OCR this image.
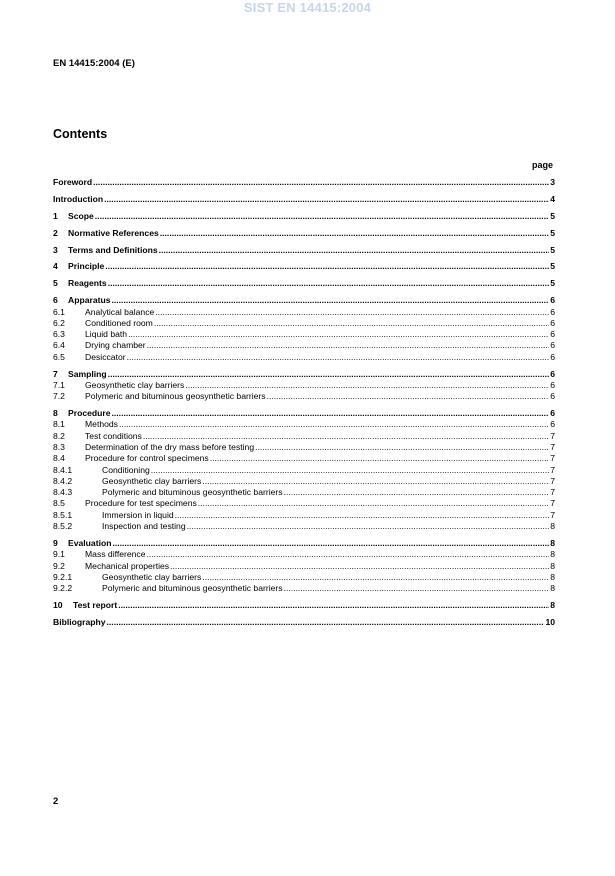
SIST EN 14415:2004
EN 14415:2004 (E)
Contents
page
Foreword .....	3
Introduction .....	4
1	Scope .....	5
2	Normative References .....	5
3	Terms and Definitions .....	5
4	Principle .....	5
5	Reagents .....	5
6	Apparatus .....	6
6.1	Analytical balance .....	6
6.2	Conditioned room .....	6
6.3	Liquid bath .....	6
6.4	Drying chamber .....	6
6.5	Desiccator .....	6
7	Sampling .....	6
7.1	Geosynthetic clay barriers .....	6
7.2	Polymeric and bituminous geosynthetic barriers .....	6
8	Procedure .....	6
8.1	Methods .....	6
8.2	Test conditions .....	7
8.3	Determination of the dry mass before testing .....	7
8.4	Procedure for control specimens .....	7
8.4.1	Conditioning .....	7
8.4.2	Geosynthetic clay barriers .....	7
8.4.3	Polymeric and bituminous geosynthetic barriers .....	7
8.5	Procedure for test specimens .....	7
8.5.1	Immersion in liquid .....	7
8.5.2	Inspection and testing .....	8
9	Evaluation .....	8
9.1	Mass difference .....	8
9.2	Mechanical properties .....	8
9.2.1	Geosynthetic clay barriers .....	8
9.2.2	Polymeric and bituminous geosynthetic barriers .....	8
10	Test report .....	8
Bibliography .....	10
2
